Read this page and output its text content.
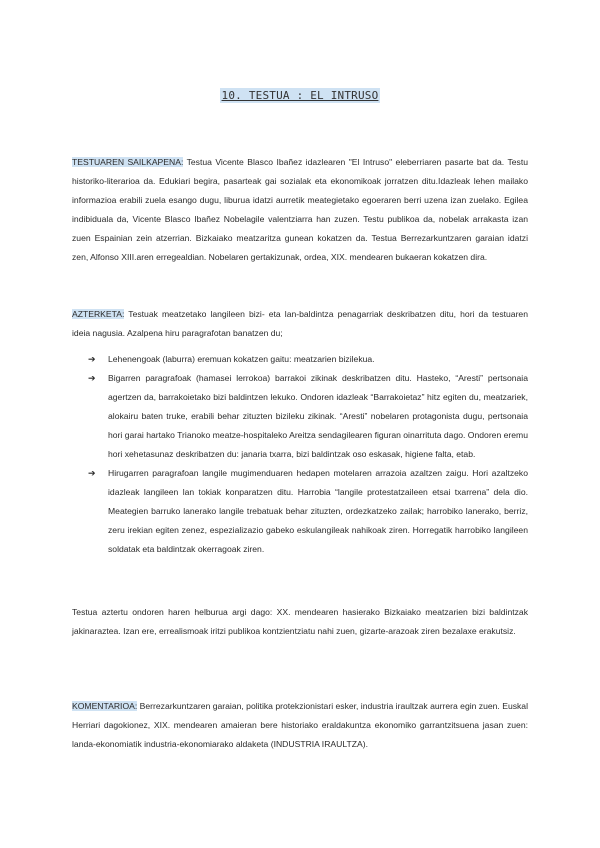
10. TESTUA : EL INTRUSO
TESTUAREN SAILKAPENA: Testua Vicente Blasco Ibañez idazlearen "El Intruso" eleberriaren pasarte bat da. Testu historiko-literarioa da. Edukiari begira, pasarteak gai sozialak eta ekonomikoak jorratzen ditu.Idazleak lehen mailako informazioa erabili zuela esango dugu, liburua idatzi aurretik meategietako egoeraren berri uzena izan zuelako. Egilea indibiduala da, Vicente Blasco Ibañez Nobelagile valentziarra han zuzen. Testu publikoa da, nobelak arrakasta izan zuen Espainian zein atzerrian. Bizkaiako meatzaritza gunean kokatzen da. Testua Berrezarkuntzaren garaian idatzi zen, Alfonso XIII.aren erregealdian. Nobelaren gertakizunak, ordea, XIX. mendearen bukaeran kokatzen dira.
AZTERKETA: Testuak meatzetako langileen bizi- eta lan-baldintza penagarriak deskribatzen ditu, hori da testuaren ideia nagusia. Azalpena hiru paragrafotan banatzen du;
➔ Lehenengoak (laburra) eremuan kokatzen gaitu: meatzarien bizilekua.
➔ Bigarren paragrafoak (hamasei lerrokoa) barrakoi zikinak deskribatzen ditu. Hasteko, “Aresti” pertsonaia agertzen da, barrakoietako bizi baldintzen lekuko. Ondoren idazleak “Barrakoietaz” hitz egiten du, meatzariek, alokairu baten truke, erabili behar zituzten bizileku zikinak. “Aresti” nobelaren protagonista dugu, pertsonaia hori garai hartako Trianoko meatze-hospitaleko Areitza sendagilearen figuran oinarrituta dago. Ondoren eremu hori xehetasunaz deskribatzen du: janaria txarra, bizi baldintzak oso eskasak, higiene falta, etab.
➔ Hirugarren paragrafoan langile mugimenduaren hedapen motelaren arrazoia azaltzen zaigu. Hori azaltzeko idazleak langileen lan tokiak konparatzen ditu. Harrobia “langile protestatzaileen etsai txarrena” dela dio. Meategien barruko lanerako langile trebatuak behar zituzten, ordezkatzeko zailak; harrobiko lanerako, berriz, zeru irekian egiten zenez, espezializazio gabeko eskulangileak nahikoak ziren. Horregatik harrobiko langileen soldatak eta baldintzak okerragoak ziren.
Testua aztertu ondoren haren helburua argi dago: XX. mendearen hasierako Bizkaiako meatzarien bizi baldintzak jakinaraztea. Izan ere, errealismoak iritzi publikoa kontzientziatu nahi zuen, gizarte-arazoak ziren bezalaxe erakutsiz.
KOMENTARIOA: Berrezarkuntzaren garaian, politika protekzionistari esker, industria iraultzak aurrera egin zuen. Euskal Herriari dagokionez, XIX. mendearen amaieran bere historiako eraldakuntza ekonomiko garrantzitsuena jasan zuen: landa-ekonomiatik industria-ekonomiarako aldaketa (INDUSTRIA IRAULTZA).
